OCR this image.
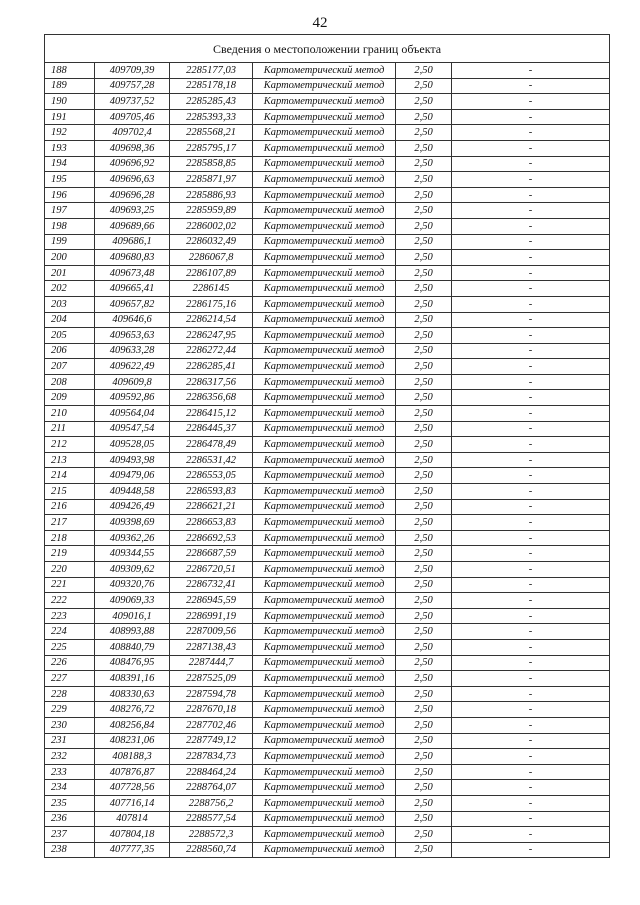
42
Сведения о местоположении границ объекта					
188	409709,39	2285177,03	Картометрический метод	2,50	-
189	409757,28	2285178,18	Картометрический метод	2,50	-
190	409737,52	2285285,43	Картометрический метод	2,50	-
191	409705,46	2285393,33	Картометрический метод	2,50	-
192	409702,4	2285568,21	Картометрический метод	2,50	-
193	409698,36	2285795,17	Картометрический метод	2,50	-
194	409696,92	2285858,85	Картометрический метод	2,50	-
195	409696,63	2285871,97	Картометрический метод	2,50	-
196	409696,28	2285886,93	Картометрический метод	2,50	-
197	409693,25	2285959,89	Картометрический метод	2,50	-
198	409689,66	2286002,02	Картометрический метод	2,50	-
199	409686,1	2286032,49	Картометрический метод	2,50	-
200	409680,83	2286067,8	Картометрический метод	2,50	-
201	409673,48	2286107,89	Картометрический метод	2,50	-
202	409665,41	2286145	Картометрический метод	2,50	-
203	409657,82	2286175,16	Картометрический метод	2,50	-
204	409646,6	2286214,54	Картометрический метод	2,50	-
205	409653,63	2286247,95	Картометрический метод	2,50	-
206	409633,28	2286272,44	Картометрический метод	2,50	-
207	409622,49	2286285,41	Картометрический метод	2,50	-
208	409609,8	2286317,56	Картометрический метод	2,50	-
209	409592,86	2286356,68	Картометрический метод	2,50	-
210	409564,04	2286415,12	Картометрический метод	2,50	-
211	409547,54	2286445,37	Картометрический метод	2,50	-
212	409528,05	2286478,49	Картометрический метод	2,50	-
213	409493,98	2286531,42	Картометрический метод	2,50	-
214	409479,06	2286553,05	Картометрический метод	2,50	-
215	409448,58	2286593,83	Картометрический метод	2,50	-
216	409426,49	2286621,21	Картометрический метод	2,50	-
217	409398,69	2286653,83	Картометрический метод	2,50	-
218	409362,26	2286692,53	Картометрический метод	2,50	-
219	409344,55	2286687,59	Картометрический метод	2,50	-
220	409309,62	2286720,51	Картометрический метод	2,50	-
221	409320,76	2286732,41	Картометрический метод	2,50	-
222	409069,33	2286945,59	Картометрический метод	2,50	-
223	409016,1	2286991,19	Картометрический метод	2,50	-
224	408993,88	2287009,56	Картометрический метод	2,50	-
225	408840,79	2287138,43	Картометрический метод	2,50	-
226	408476,95	2287444,7	Картометрический метод	2,50	-
227	408391,16	2287525,09	Картометрический метод	2,50	-
228	408330,63	2287594,78	Картометрический метод	2,50	-
229	408276,72	2287670,18	Картометрический метод	2,50	-
230	408256,84	2287702,46	Картометрический метод	2,50	-
231	408231,06	2287749,12	Картометрический метод	2,50	-
232	408188,3	2287834,73	Картометрический метод	2,50	-
233	407876,87	2288464,24	Картометрический метод	2,50	-
234	407728,56	2288764,07	Картометрический метод	2,50	-
235	407716,14	2288756,2	Картометрический метод	2,50	-
236	407814	2288577,54	Картометрический метод	2,50	-
237	407804,18	2288572,3	Картометрический метод	2,50	-
238	407777,35	2288560,74	Картометрический метод	2,50	-
